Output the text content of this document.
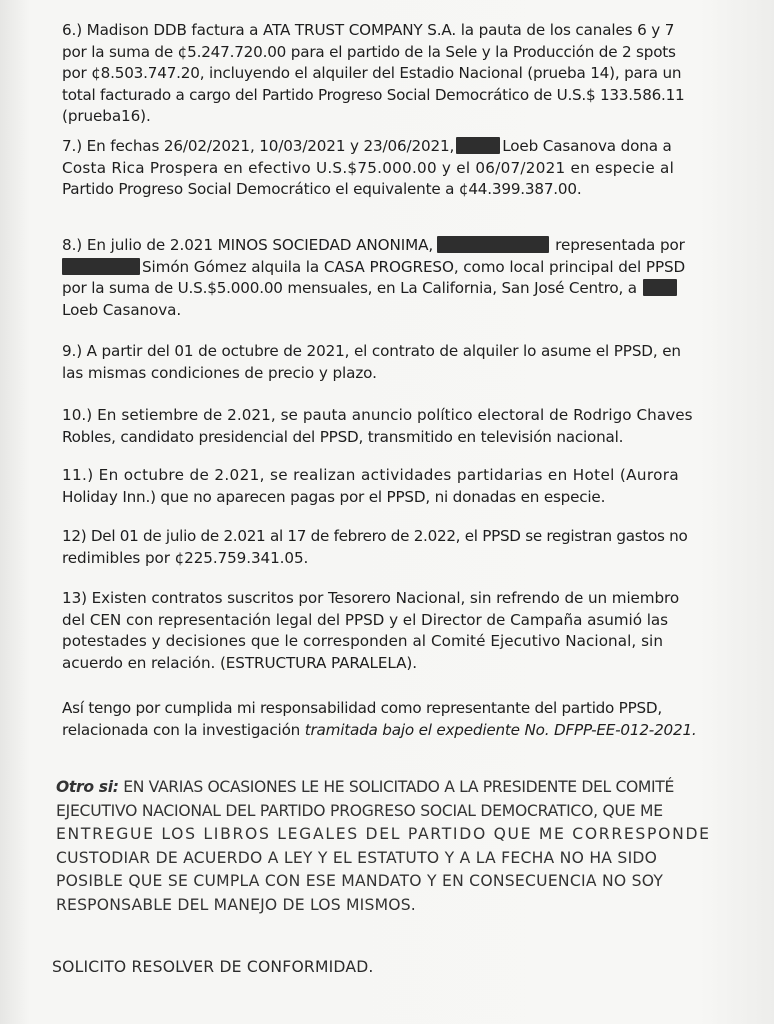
6.) Madison DDB factura a ATA TRUST COMPANY S.A. la pauta de los canales 6 y 7
por la suma de ¢5.247.720.00 para el partido de la Sele y la Producción de 2 spots
por ¢8.503.747.20, incluyendo el alquiler del Estadio Nacional (prueba 14), para un
total facturado a cargo del Partido Progreso Social Democrático de U.S.$ 133.586.11
(prueba16).
7.) En fechas 26/02/2021, 10/03/2021 y 23/06/2021,	Loeb Casanova dona a
Costa Rica Prospera en efectivo U.S.$75.000.00 y el 06/07/2021 en especie al
Partido Progreso Social Democrático el equivalente a ¢44.399.387.00.
8.) En julio de 2.021 MINOS SOCIEDAD ANONIMA,	representada por
Simón Gómez alquila la CASA PROGRESO, como local principal del PPSD
por la suma de U.S.$5.000.00 mensuales, en La California, San José Centro, a
Loeb Casanova.
9.) A partir del 01 de octubre de 2021, el contrato de alquiler lo asume el PPSD, en
las mismas condiciones de precio y plazo.
10.) En setiembre de 2.021, se pauta anuncio político electoral de Rodrigo Chaves
Robles, candidato presidencial del PPSD, transmitido en televisión nacional.
11.) En octubre de 2.021, se realizan actividades partidarias en Hotel (Aurora
Holiday Inn.) que no aparecen pagas por el PPSD, ni donadas en especie.
12) Del 01 de julio de 2.021 al 17 de febrero de 2.022, el PPSD se registran gastos no
redimibles por ¢225.759.341.05.
13) Existen contratos suscritos por Tesorero Nacional, sin refrendo de un miembro
del CEN con representación legal del PPSD y el Director de Campaña asumió las
potestades y decisiones que le corresponden al Comité Ejecutivo Nacional, sin
acuerdo en relación. (ESTRUCTURA PARALELA).
Así tengo por cumplida mi responsabilidad como representante del partido PPSD,
relacionada con la investigación tramitada bajo el expediente No. DFPP-EE-012-2021.
Otro si: EN VARIAS OCASIONES LE HE SOLICITADO A LA PRESIDENTE DEL COMITÉ
EJECUTIVO NACIONAL DEL PARTIDO PROGRESO SOCIAL DEMOCRATICO, QUE ME
ENTREGUE LOS LIBROS LEGALES DEL PARTIDO QUE ME CORRESPONDE
CUSTODIAR DE ACUERDO A LEY Y EL ESTATUTO Y A LA FECHA NO HA SIDO
POSIBLE QUE SE CUMPLA CON ESE MANDATO Y EN CONSECUENCIA NO SOY
RESPONSABLE DEL MANEJO DE LOS MISMOS.
SOLICITO RESOLVER DE CONFORMIDAD.
